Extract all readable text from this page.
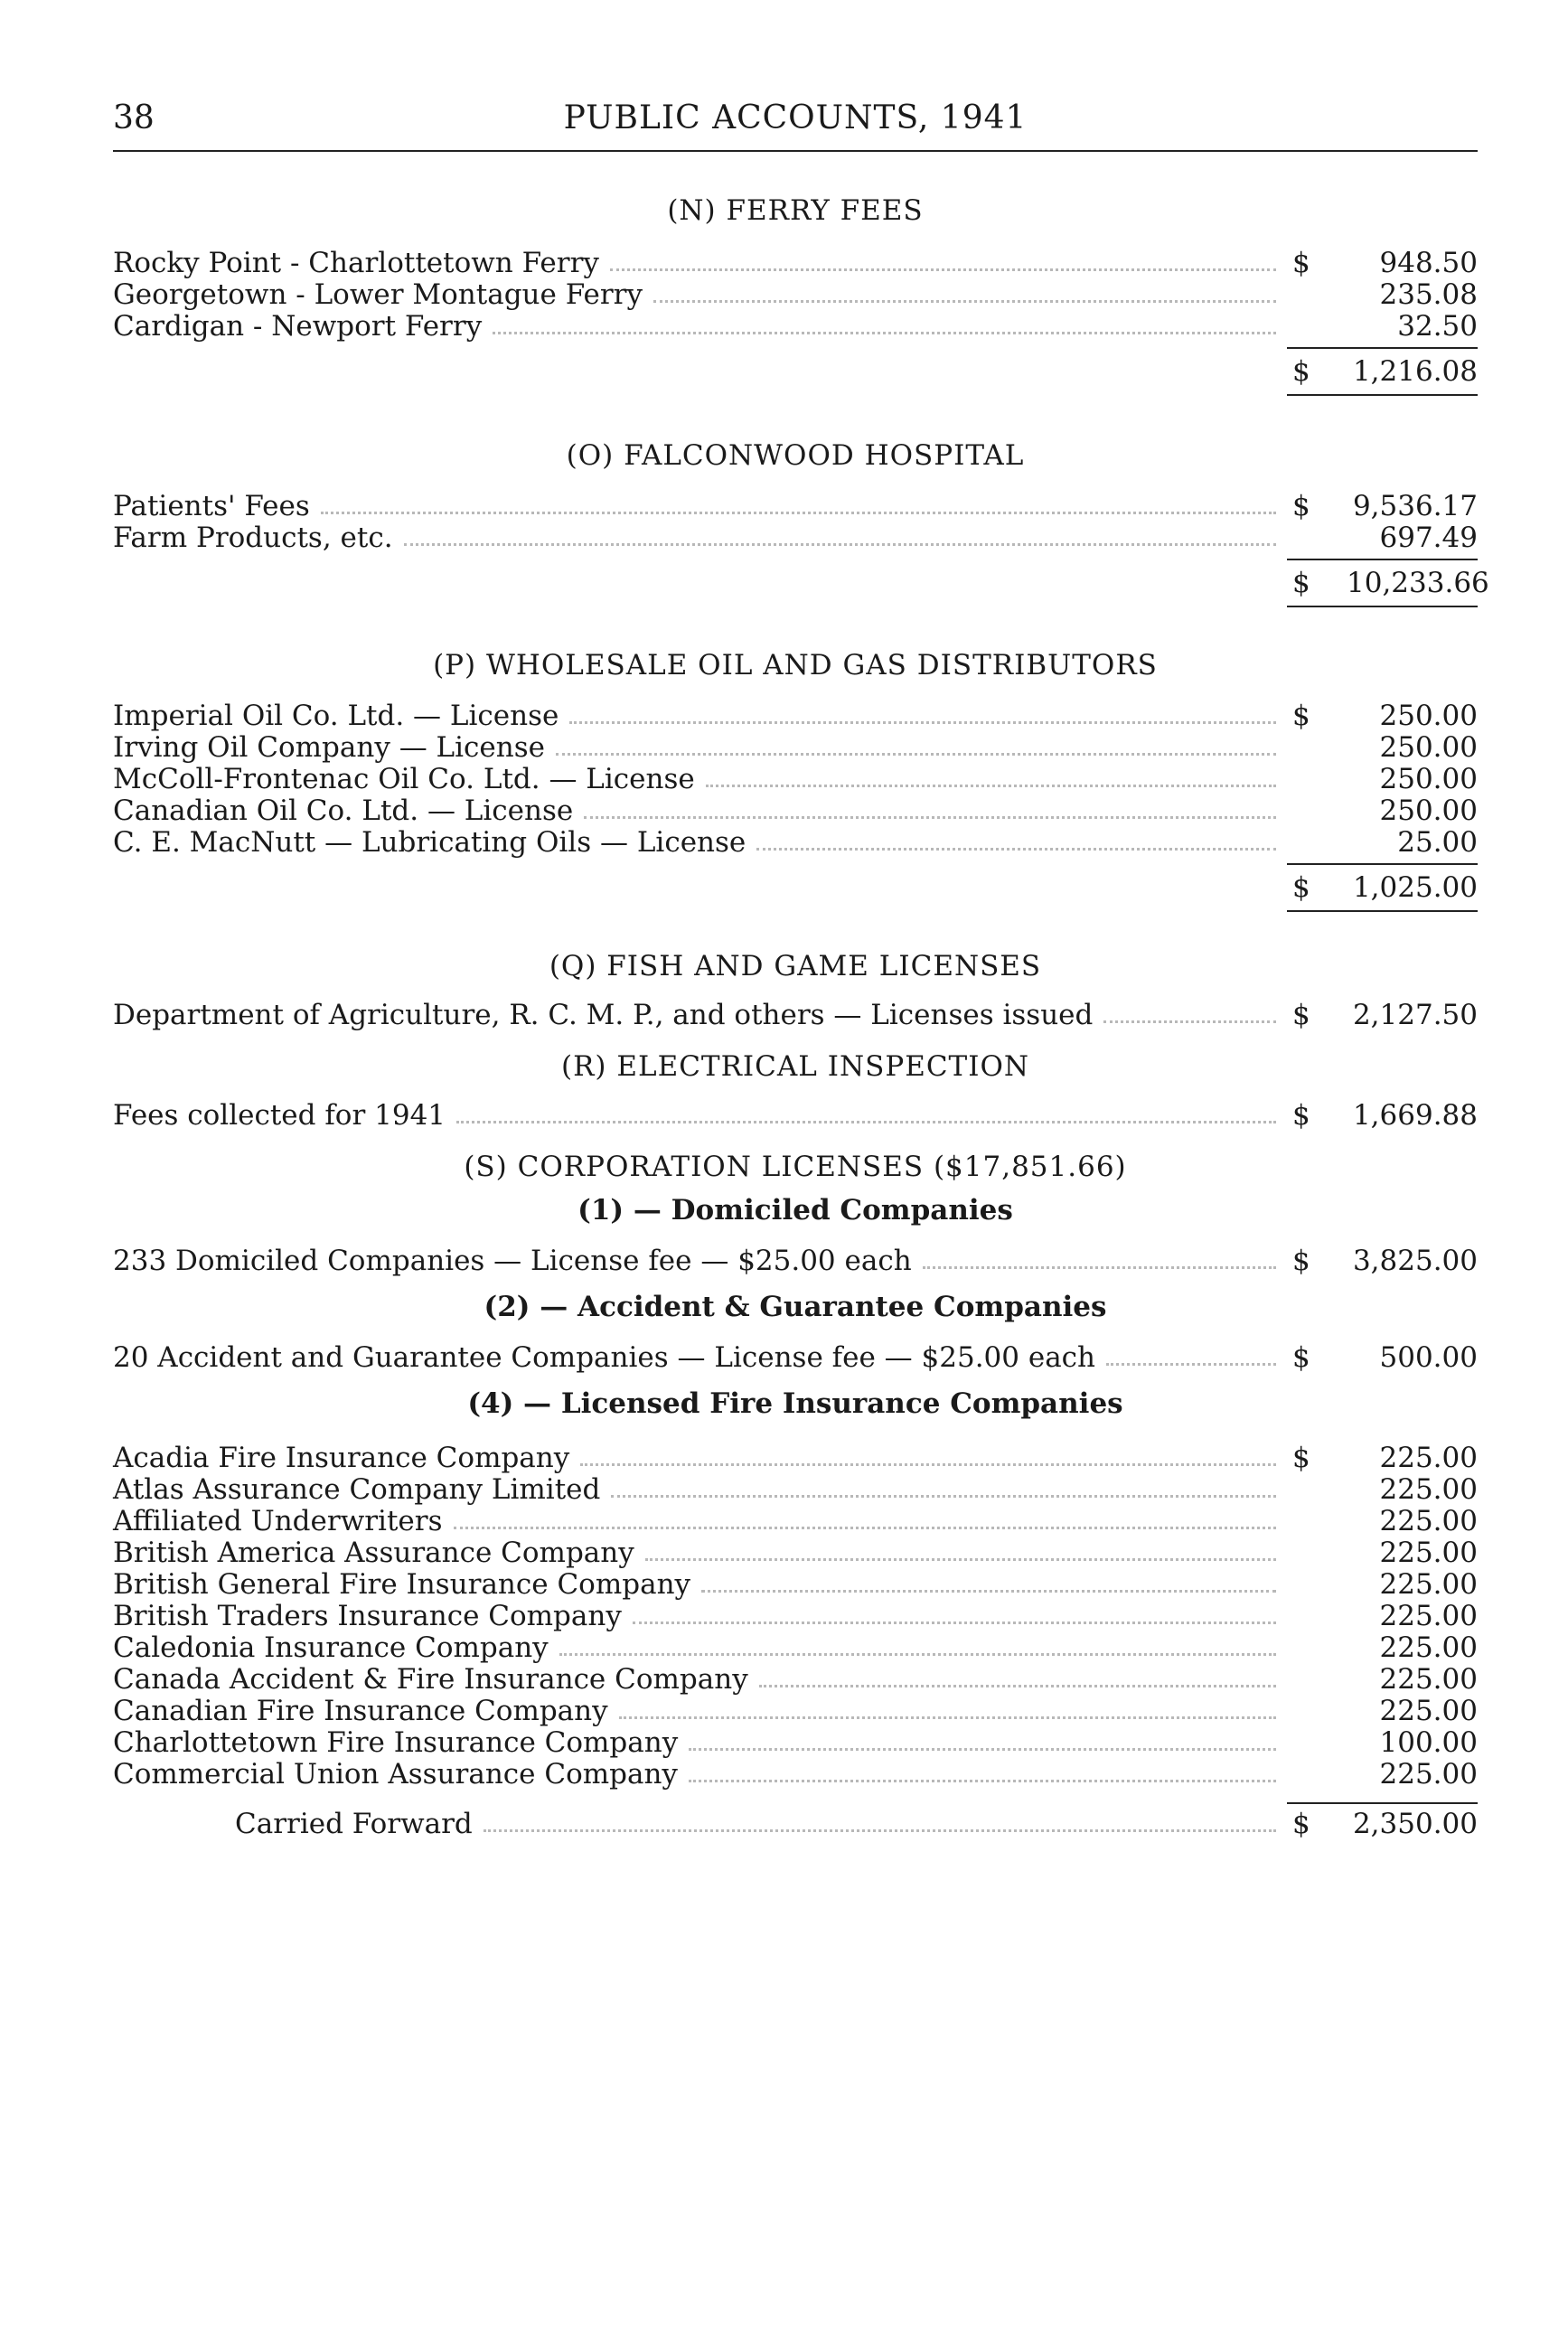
38	PUBLIC ACCOUNTS, 1941
(N) FERRY FEES
Rocky Point - Charlottetown Ferry	$	948.50
Georgetown - Lower Montague Ferry	235.08
Cardigan - Newport Ferry	32.50
$	1,216.08
(O) FALCONWOOD HOSPITAL
Patients' Fees	$	9,536.17
Farm Products, etc.	697.49
$	10,233.66
(P) WHOLESALE OIL AND GAS DISTRIBUTORS
Imperial Oil Co. Ltd. — License	$	250.00
Irving Oil Company — License	250.00
McColl-Frontenac Oil Co. Ltd. — License	250.00
Canadian Oil Co. Ltd. — License	250.00
C. E. MacNutt — Lubricating Oils — License	25.00
$	1,025.00
(Q) FISH AND GAME LICENSES
Department of Agriculture, R. C. M. P., and others — Licenses issued	$	2,127.50
(R) ELECTRICAL INSPECTION
Fees collected for 1941	$	1,669.88
(S) CORPORATION LICENSES ($17,851.66)
(1) — Domiciled Companies
233 Domiciled Companies — License fee — $25.00 each	$	3,825.00
(2) — Accident & Guarantee Companies
20 Accident and Guarantee Companies — License fee — $25.00 each	$	500.00
(4) — Licensed Fire Insurance Companies
Acadia Fire Insurance Company	$	225.00
Atlas Assurance Company Limited	225.00
Affiliated Underwriters	225.00
British America Assurance Company	225.00
British General Fire Insurance Company	225.00
British Traders Insurance Company	225.00
Caledonia Insurance Company	225.00
Canada Accident & Fire Insurance Company	225.00
Canadian Fire Insurance Company	225.00
Charlottetown Fire Insurance Company	100.00
Commercial Union Assurance Company	225.00
Carried Forward	$	2,350.00
